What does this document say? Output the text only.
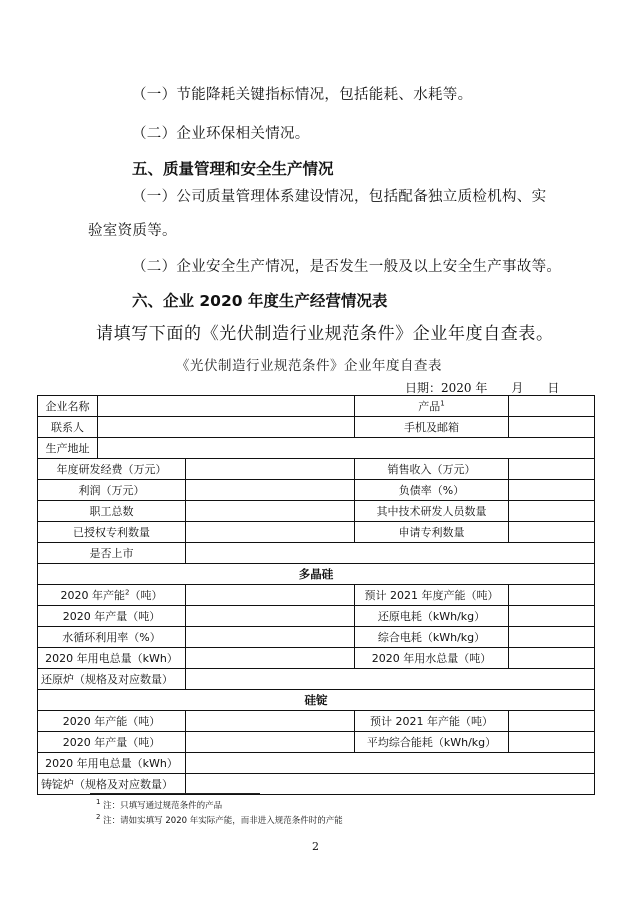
（一）节能降耗关键指标情况，包括能耗、水耗等。
（二）企业环保相关情况。
五、质量管理和安全生产情况
（一）公司质量管理体系建设情况，包括配备独立质检机构、实
验室资质等。
（二）企业安全生产情况，是否发生一般及以上安全生产事故等。
六、企业 2020 年度生产经营情况表
请填写下面的《光伏制造行业规范条件》企业年度自查表。
《光伏制造行业规范条件》企业年度自查表
日期：2020 年　　月　　日
企业名称			产品$^1$	
联系人			手机及邮箱	
生产地址				
年度研发经费（万元）			销售收入（万元）	
利润（万元）			负债率（%）	
职工总数			其中技术研发人员数量	
已授权专利数量			申请专利数量	
是否上市				
多晶硅				
2020 年产能$^2$（吨）			预计 2021 年度产能（吨）	
2020 年产量（吨）			还原电耗（kWh/kg）	
水循环利用率（%）			综合电耗（kWh/kg）	
2020 年用电总量（kWh）			2020 年用水总量（吨）	
还原炉（规格及对应数量）				
硅锭				
2020 年产能（吨）			预计 2021 年产能（吨）	
2020 年产量（吨）			平均综合能耗（kWh/kg）	
2020 年用电总量（kWh）				
铸锭炉（规格及对应数量）				
$^1$ 注：只填写通过规范条件的产品
$^2$ 注：请如实填写 2020 年实际产能，而非进入规范条件时的产能
2
